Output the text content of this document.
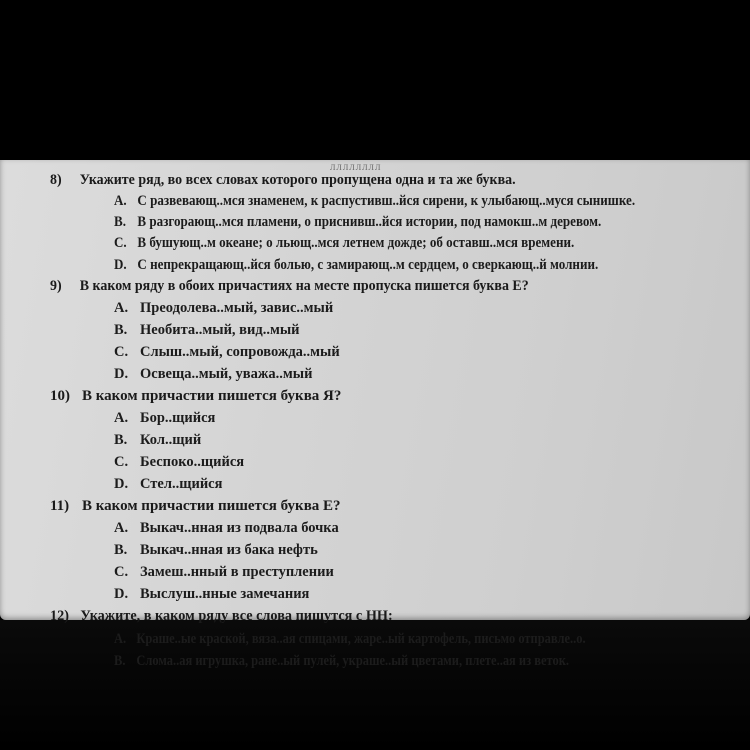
ЛЛЛЛЛЛЛЛ
8) Укажите ряд, во всех словах которого пропущена одна и та же буква.
A. С развевающ..мся знаменем, к распустивш..йся сирени, к улыбающ..муся сынишке.
B. В разгорающ..мся пламени, о приснивш..йся истории, под намокш..м деревом.
C. В бушующ..м океане; о льющ..мся летнем дожде; об оставш..мся времени.
D. С непрекращающ..йся болью, с замирающ..м сердцем, о сверкающ..й молнии.
9) В каком ряду в обоих причастиях на месте пропуска пишется буква Е?
A. Преодолева..мый, завис..мый
B. Необита..мый, вид..мый
C. Слыш..мый, сопровожда..мый
D. Освеща..мый, уважа..мый
10) В каком причастии пишется буква Я?
A. Бор..щийся
B. Кол..щий
C. Беспоко..щийся
D. Стел..щийся
11) В каком причастии пишется буква Е?
A. Выкач..нная из подвала бочка
B. Выкач..нная из бака нефть
C. Замеш..нный в преступлении
D. Выслуш..нные замечания
12) Укажите, в каком ряду все слова пишутся с НН:
A. Краше..ые краской, вяза..ая спицами, жаре..ый картофель, письмо отправле..о.
B. Слома..ая игрушка, ране..ый пулей, украше..ый цветами, плете..ая из веток.
